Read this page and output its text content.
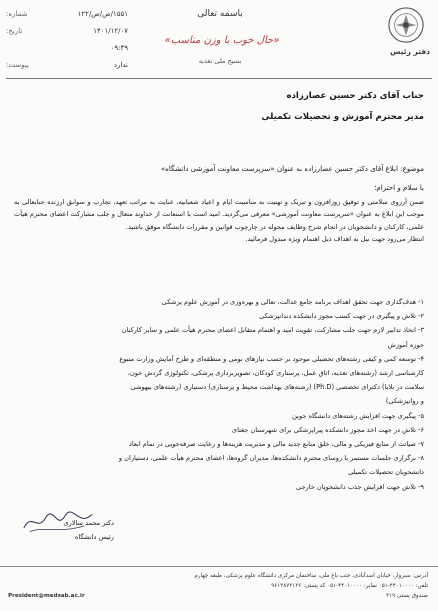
دفتر رئیس
باسمه تعالی
«حال خوب با وزن مناسب»
بسیج ملی تغذیه
شماره:	۱۵۵۱/ص/ص/۱۲۲
تاریخ:	۱۴۰۱/۱۲/۰۷
۰۹:۴۹
پیوست:	ندارد
جناب آقای دکتر حسین عصارزاده
مدیر محترم آموزش و تحصیلات تکمیلی
موضوع: ابلاغ آقای دکتر حسین عصارزاده به عنوان «سرپرست معاونت آموزشی دانشگاه»
با سلام و احترام؛
ضمن آرزوی سلامتی و توفیق روزافزون و تبریک و تهنیت به مناسبت ایام و اعیاد شعبانیه، عنایت به مراتب تعهد، تجارب و سوابق ارزنده جنابعالی به موجب این ابلاغ به عنوان «سرپرست معاونت آموزشی» معرفی می‌گردید. امید است با استعانت از خداوند متعال و جلب مشارکت اعضای محترم هیأت علمی، کارکنان و دانشجویان در انجام شرح وظایف محوله در چارچوب قوانین و مقررات دانشگاه موفق باشید.
انتظار می‌رود جهت نیل به اهداف ذیل اهتمام ویژه مبذول فرمائید.
۱- هدف‌گذاری جهت تحقق اهداف برنامه جامع عدالت، تعالی و بهره‌وری در آموزش علوم پزشکی
۲- تلاش و پیگیری در جهت کسب مجوز دانشکده دندانپزشکی
۳- اتخاذ تدابیر لازم جهت جلب مشارکت، تقویت امید و اهتمام متقابل اعضای محترم هیأت علمی و سایر کارکنان
حوزه آموزش
۴- توسعه کمی و کیفی رشته‌های تحصیلی موجود بر حسب نیازهای بومی و منطقه‌ای و طرح آمایش وزارت متبوع
کارشناسی ارشد (رشته‌های تغذیه، اتاق عمل، پرستاری کودکان، تصویربرداری پزشکی، تکنولوژی گردش خون،
سلامت در بلایا) دکترای تخصصی (Ph.D) (رشته‌های بهداشت محیط و پرستاری) دستیاری (رشته‌های بیهوشی
و روانپزشکی)
۵- پیگیری جهت افزایش رشته‌های دانشگاه جوین
۶- تلاش در جهت اخذ مجوز دانشکده پیراپزشکی برای شهرستان جغتای
۷- صیانت از منابع فیزیکی و مالی، خلق منابع جدید مالی و مدیریت هزینه‌ها و رعایت صرفه‌جویی در تمام ابعاد
۸- برگزاری جلسات مستمر با روسای محترم دانشکده‌ها، مدیران گروه‌ها، اعضای محترم هیأت علمی، دستیاران و
دانشجویان تحصیلات تکمیلی
۹- تلاش جهت افزایش جذب دانشجویان خارجی
دکتر محمد سالاری
رئیس دانشگاه
آدرس: سبزوار، خیابان اسدآبادی، جنب باغ ملی، ساختمان مرکزی دانشگاه علوم پزشکی، طبقه چهارم
تلفن: ۴۴۰۱۰۰۰۰-۰۵۱ نمابر: ۴۴۰۱۰۰۰۰-۰۵۱ کد پستی: ۹۶۱۳۸۷۳۱۳۶
صندوق پستی ۳۱۹
President@medsab.ac.ir
